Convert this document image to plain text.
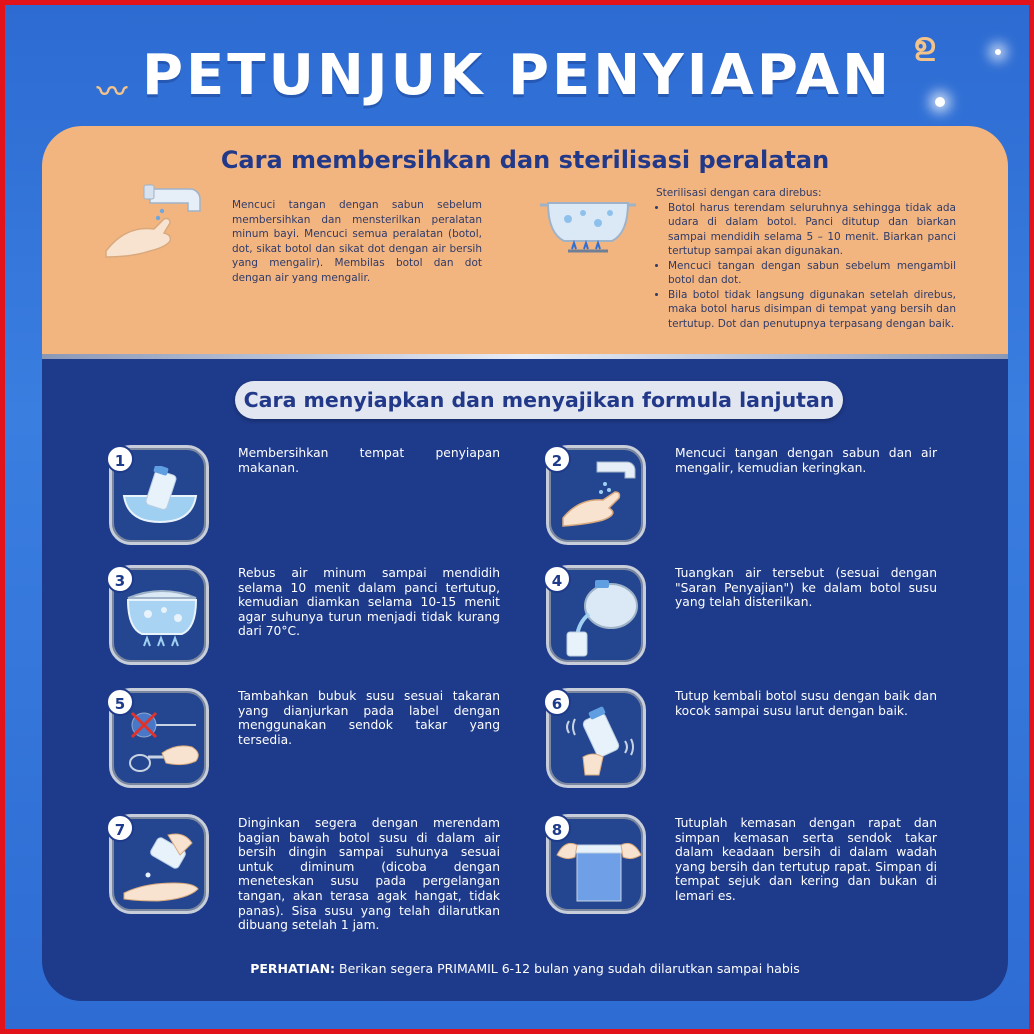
〰
ഉ
PETUNJUK PENYIAPAN
Cara membersihkan dan sterilisasi peralatan
Mencuci tangan dengan sabun sebelum membersihkan dan mensterilkan peralatan minum bayi. Mencuci semua peralatan (botol, dot, sikat botol dan sikat dot dengan air bersih yang mengalir). Membilas botol dan dot dengan air yang mengalir.
Sterilisasi dengan cara direbus:
• Botol harus terendam seluruhnya sehingga tidak ada udara di dalam botol. Panci ditutup dan biarkan sampai mendidih selama 5 – 10 menit. Biarkan panci tertutup sampai akan digunakan.
• Mencuci tangan dengan sabun sebelum mengambil botol dan dot.
• Bila botol tidak langsung digunakan setelah direbus, maka botol harus disimpan di tempat yang bersih dan tertutup. Dot dan penutupnya terpasang dengan baik.
Cara menyiapkan dan menyajikan formula lanjutan
1	Membersihkan tempat penyiapan makanan.	2	Mencuci tangan dengan sabun dan air mengalir, kemudian keringkan.
3	Rebus air minum sampai mendidih selama 10 menit dalam panci tertutup, kemudian diamkan selama 10-15 menit agar suhunya turun menjadi tidak kurang dari 70°C.
4	Tuangkan air tersebut (sesuai dengan "Saran Penyajian") ke dalam botol susu yang telah disterilkan.
5	Tambahkan bubuk susu sesuai takaran yang dianjurkan pada label dengan menggunakan sendok takar yang tersedia.
6	Tutup kembali botol susu dengan baik dan kocok sampai susu larut dengan baik.
7	Dinginkan segera dengan merendam bagian bawah botol susu di dalam air bersih dingin sampai suhunya sesuai untuk diminum (dicoba dengan meneteskan susu pada pergelangan tangan, akan terasa agak hangat, tidak panas). Sisa susu yang telah dilarutkan dibuang setelah 1 jam.
8	Tutuplah kemasan dengan rapat dan simpan kemasan serta sendok takar dalam keadaan bersih di dalam wadah yang bersih dan tertutup rapat. Simpan di tempat sejuk dan kering dan bukan di lemari es.
PERHATIAN: Berikan segera PRIMAMIL 6-12 bulan yang sudah dilarutkan sampai habis
